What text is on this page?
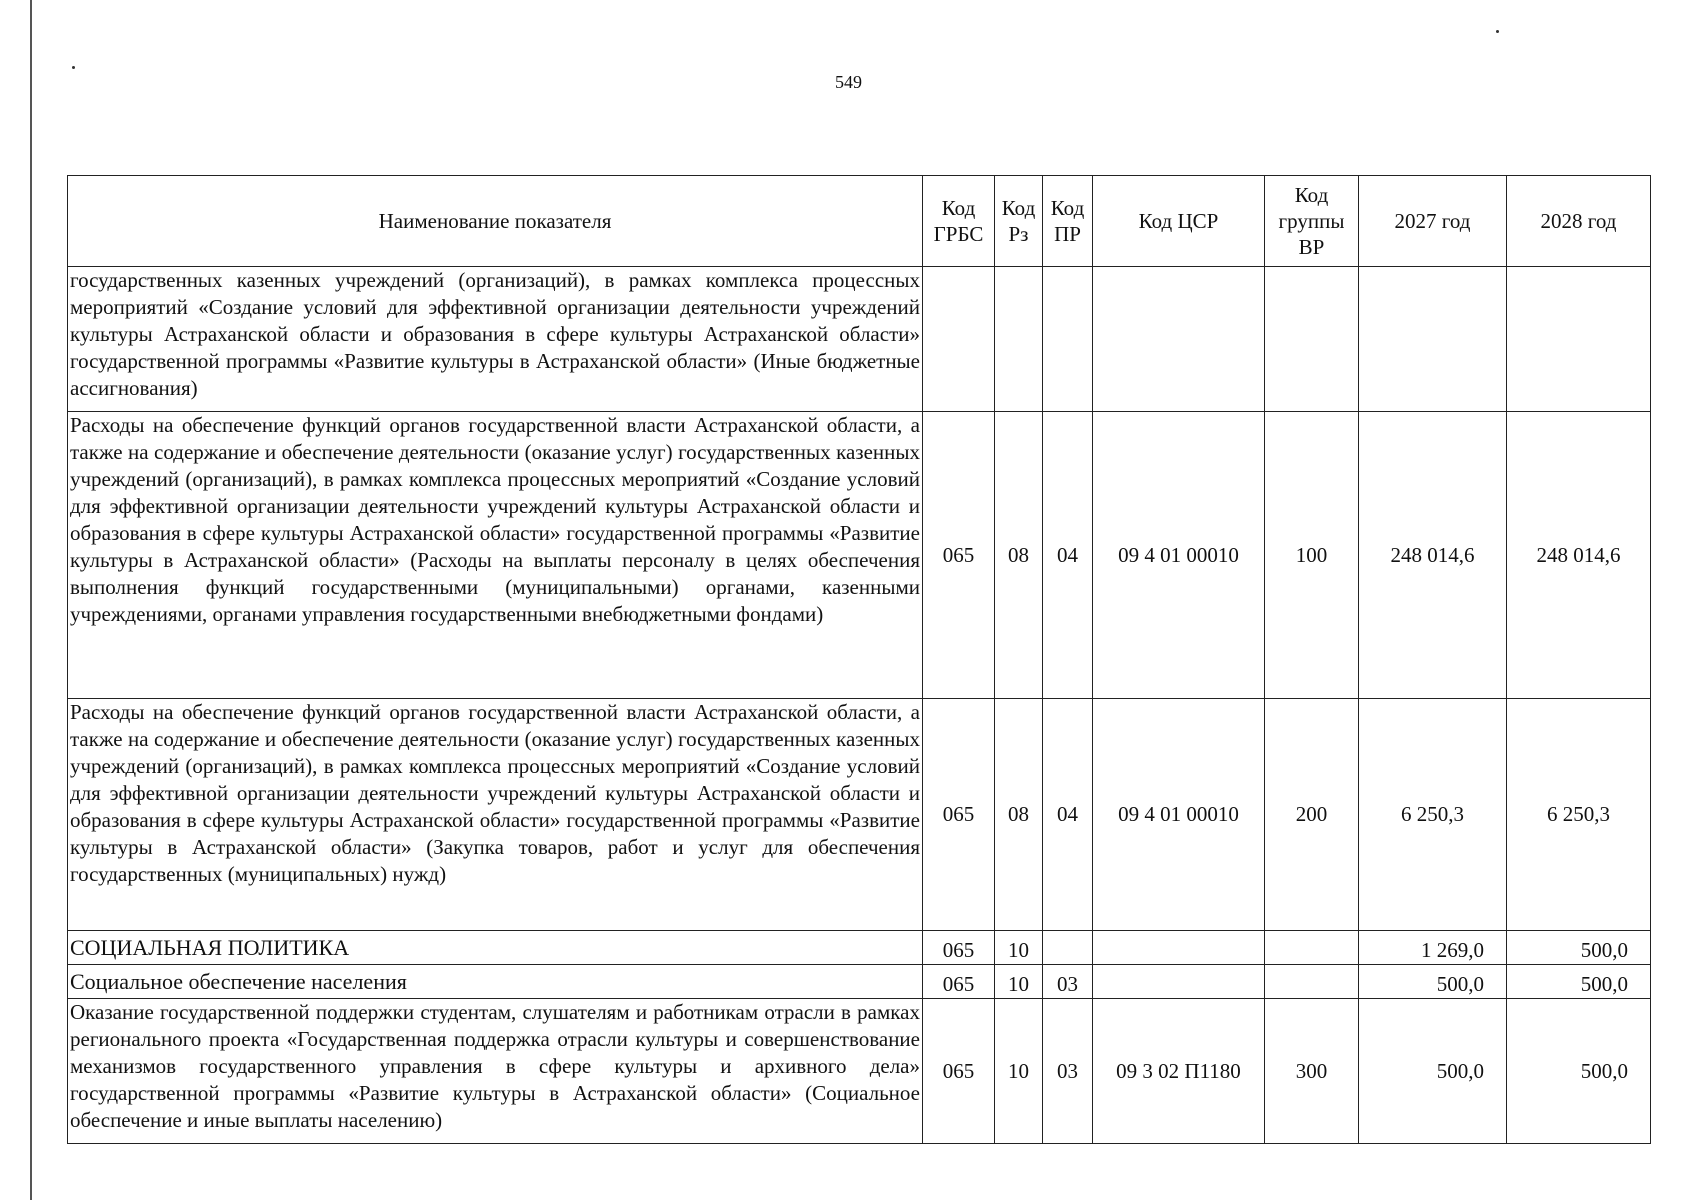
549
Наименование показателя	Код ГРБС	Код Рз	Код ПР	Код ЦСР	Код группы ВР	2027 год	2028 год
государственных казенных учреждений (организаций), в рамках комплекса процессных мероприятий «Создание условий для эффективной организации деятельности учреждений культуры Астраханской области и образования в сфере культуры Астраханской области» государственной программы «Развитие культуры в Астраханской области» (Иные бюджетные ассигнования)							
Расходы на обеспечение функций органов государственной власти Астраханской области, а также на содержание и обеспечение деятельности (оказание услуг) государственных казенных учреждений (организаций), в рамках комплекса процессных мероприятий «Создание условий для эффективной организации деятельности учреждений культуры Астраханской области и образования в сфере культуры Астраханской области» государственной программы «Развитие культуры в Астраханской области» (Расходы на выплаты персоналу в целях обеспечения выполнения функций государственными (муниципальными) органами, казенными учреждениями, органами управления государственными внебюджетными фондами)	065	08	04	09 4 01 00010	100	248 014,6	248 014,6
Расходы на обеспечение функций органов государственной власти Астраханской области, а также на содержание и обеспечение деятельности (оказание услуг) государственных казенных учреждений (организаций), в рамках комплекса процессных мероприятий «Создание условий для эффективной организации деятельности учреждений культуры Астраханской области и образования в сфере культуры Астраханской области» государственной программы «Развитие культуры в Астраханской области» (Закупка товаров, работ и услуг для обеспечения государственных (муниципальных) нужд)	065	08	04	09 4 01 00010	200	6 250,3	6 250,3
СОЦИАЛЬНАЯ ПОЛИТИКА	065	10				1 269,0	500,0
Социальное обеспечение населения	065	10	03			500,0	500,0
Оказание государственной поддержки студентам, слушателям и работникам отрасли в рамках регионального проекта «Государственная поддержка отрасли культуры и совершенствование механизмов государственного управления в сфере культуры и архивного дела» государственной программы «Развитие культуры в Астраханской области» (Социальное обеспечение и иные выплаты населению)	065	10	03	09 3 02 П1180	300	500,0	500,0
